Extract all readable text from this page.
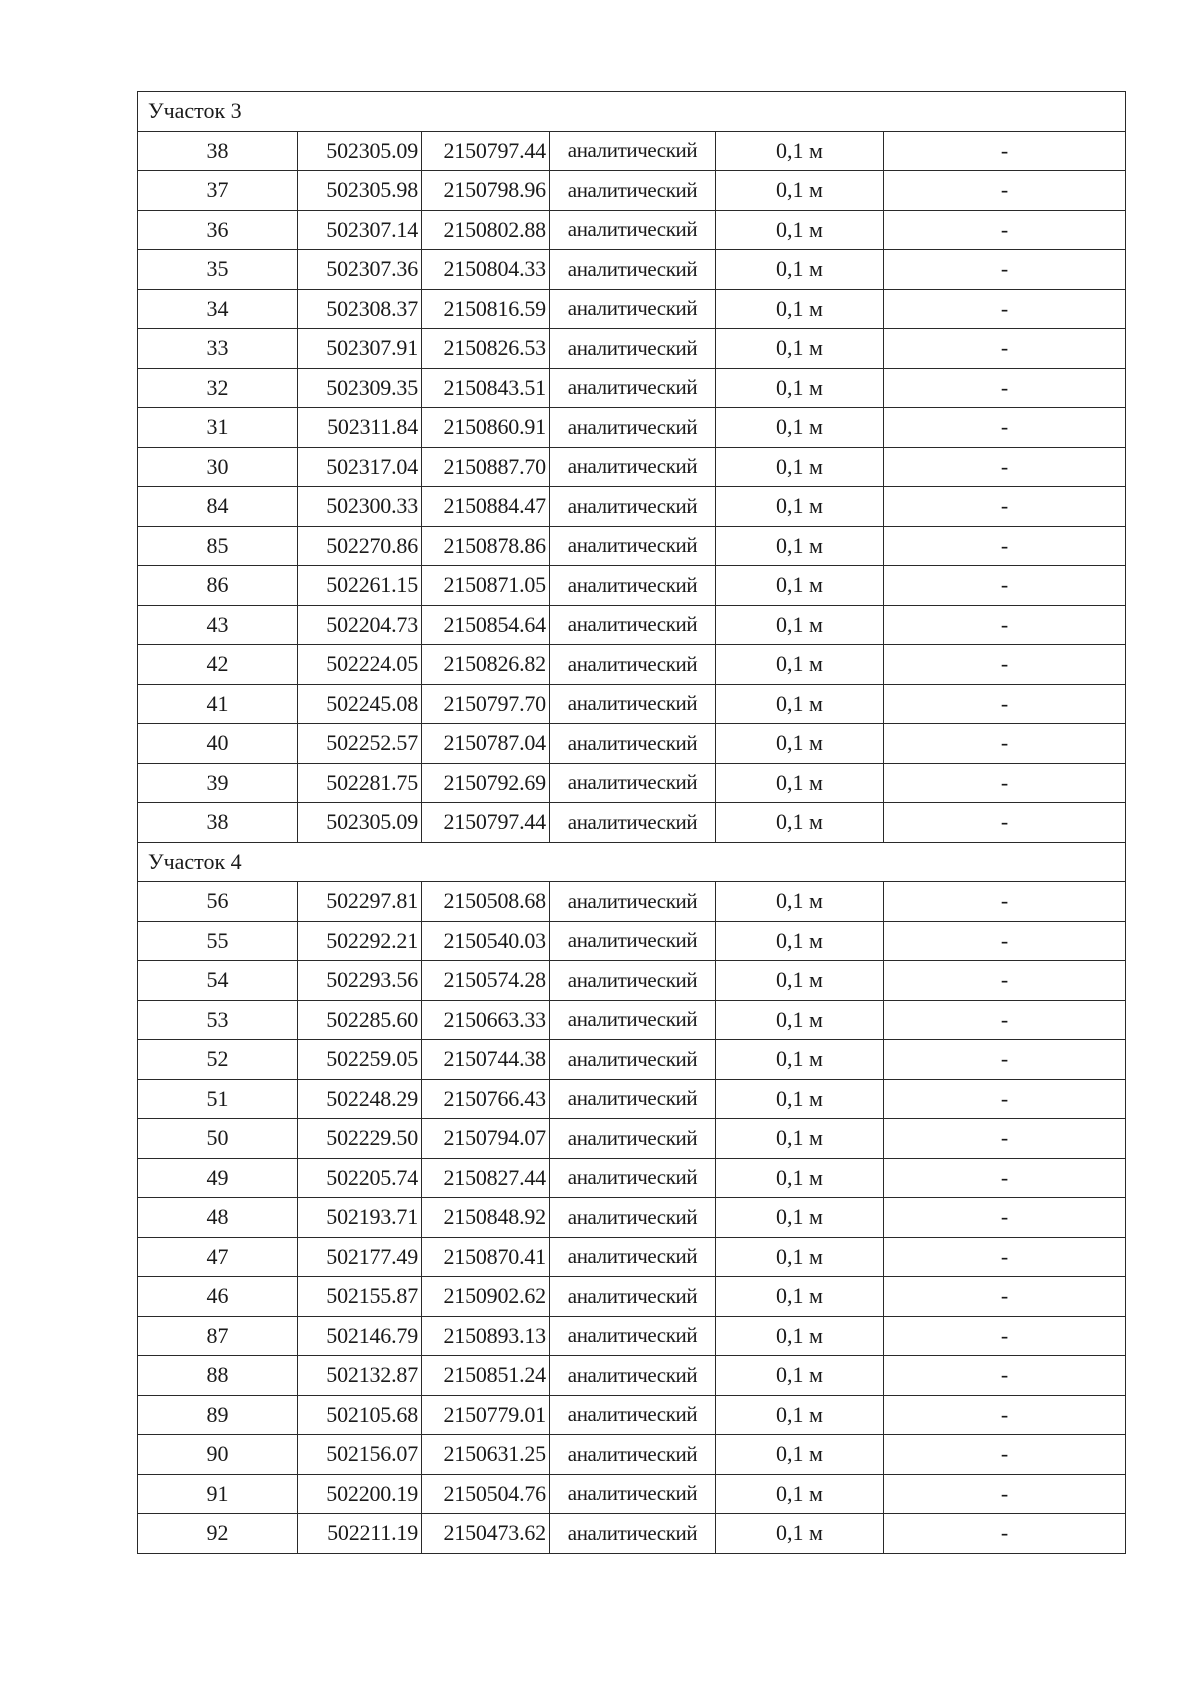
Участок 3					
38	502305.09	2150797.44	аналитический	0,1 м	-
37	502305.98	2150798.96	аналитический	0,1 м	-
36	502307.14	2150802.88	аналитический	0,1 м	-
35	502307.36	2150804.33	аналитический	0,1 м	-
34	502308.37	2150816.59	аналитический	0,1 м	-
33	502307.91	2150826.53	аналитический	0,1 м	-
32	502309.35	2150843.51	аналитический	0,1 м	-
31	502311.84	2150860.91	аналитический	0,1 м	-
30	502317.04	2150887.70	аналитический	0,1 м	-
84	502300.33	2150884.47	аналитический	0,1 м	-
85	502270.86	2150878.86	аналитический	0,1 м	-
86	502261.15	2150871.05	аналитический	0,1 м	-
43	502204.73	2150854.64	аналитический	0,1 м	-
42	502224.05	2150826.82	аналитический	0,1 м	-
41	502245.08	2150797.70	аналитический	0,1 м	-
40	502252.57	2150787.04	аналитический	0,1 м	-
39	502281.75	2150792.69	аналитический	0,1 м	-
38	502305.09	2150797.44	аналитический	0,1 м	-
Участок 4					
56	502297.81	2150508.68	аналитический	0,1 м	-
55	502292.21	2150540.03	аналитический	0,1 м	-
54	502293.56	2150574.28	аналитический	0,1 м	-
53	502285.60	2150663.33	аналитический	0,1 м	-
52	502259.05	2150744.38	аналитический	0,1 м	-
51	502248.29	2150766.43	аналитический	0,1 м	-
50	502229.50	2150794.07	аналитический	0,1 м	-
49	502205.74	2150827.44	аналитический	0,1 м	-
48	502193.71	2150848.92	аналитический	0,1 м	-
47	502177.49	2150870.41	аналитический	0,1 м	-
46	502155.87	2150902.62	аналитический	0,1 м	-
87	502146.79	2150893.13	аналитический	0,1 м	-
88	502132.87	2150851.24	аналитический	0,1 м	-
89	502105.68	2150779.01	аналитический	0,1 м	-
90	502156.07	2150631.25	аналитический	0,1 м	-
91	502200.19	2150504.76	аналитический	0,1 м	-
92	502211.19	2150473.62	аналитический	0,1 м	-
